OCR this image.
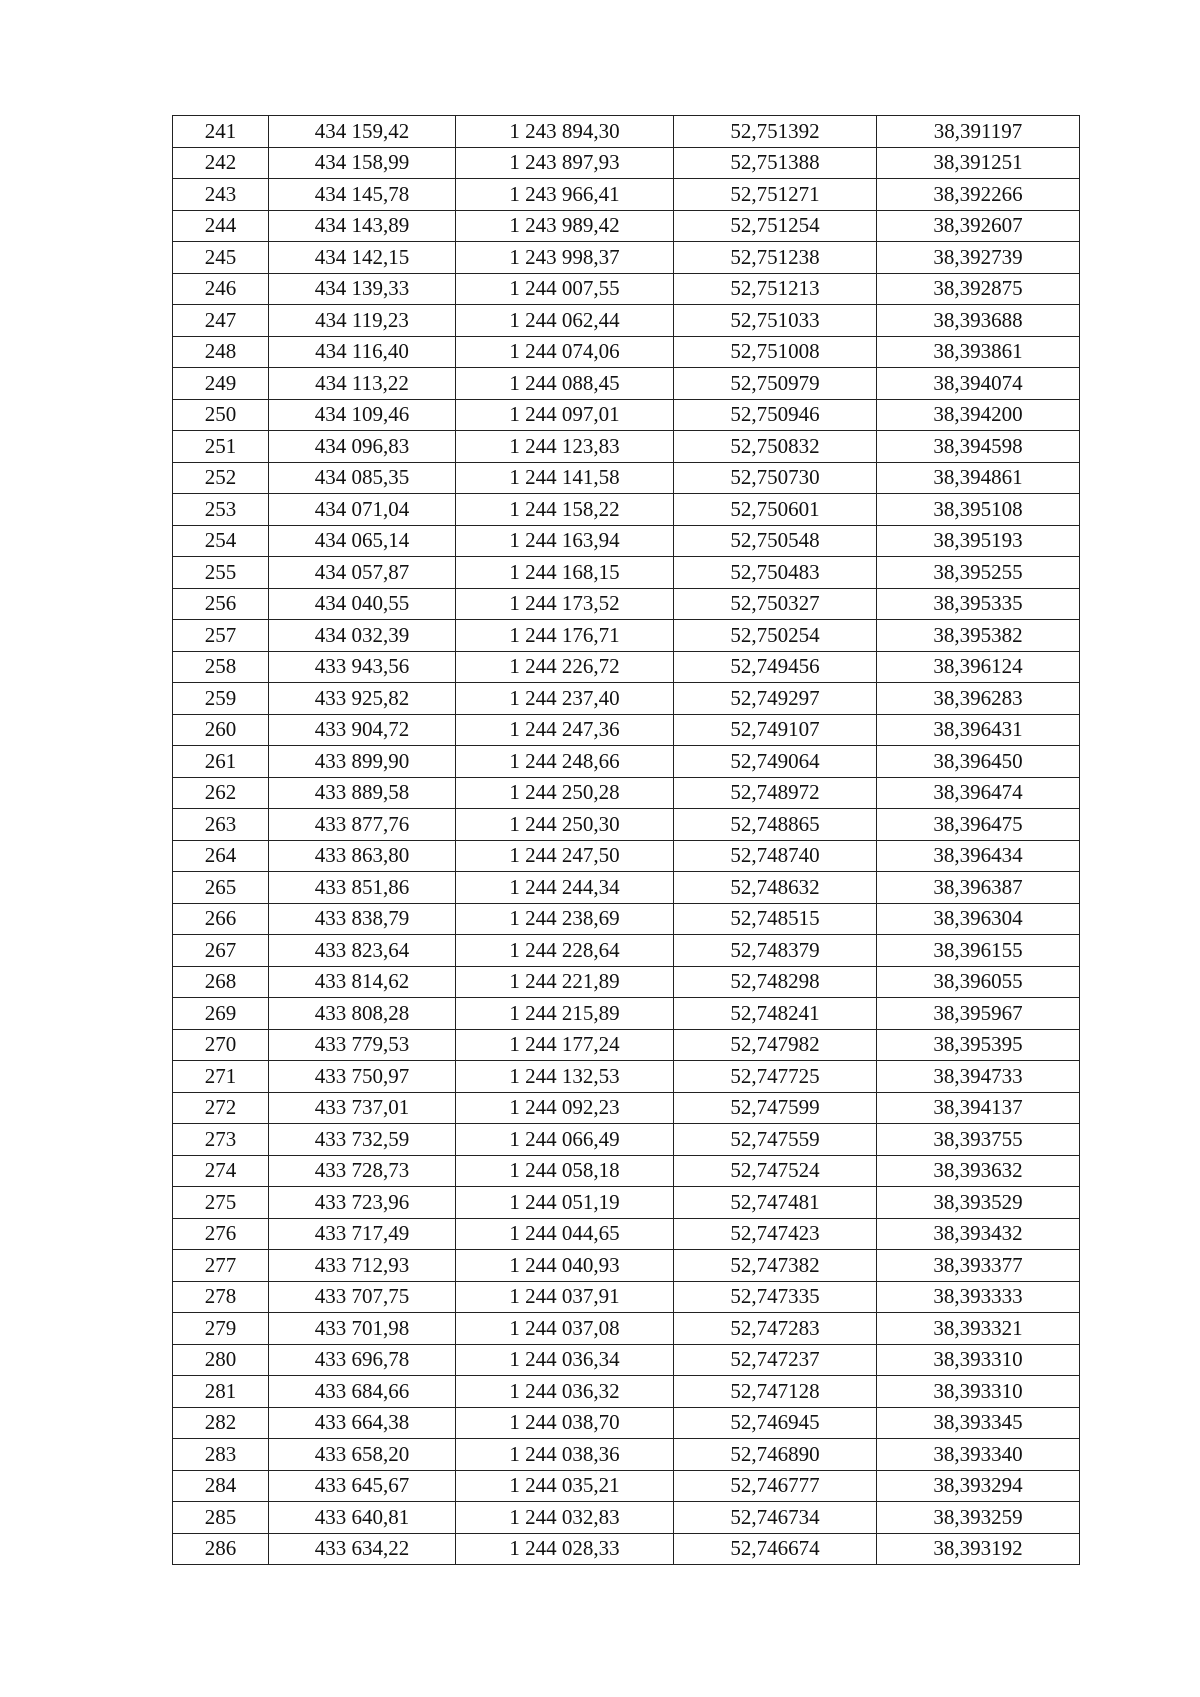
241	434 159,42	1 243 894,30	52,751392	38,391197
242	434 158,99	1 243 897,93	52,751388	38,391251
243	434 145,78	1 243 966,41	52,751271	38,392266
244	434 143,89	1 243 989,42	52,751254	38,392607
245	434 142,15	1 243 998,37	52,751238	38,392739
246	434 139,33	1 244 007,55	52,751213	38,392875
247	434 119,23	1 244 062,44	52,751033	38,393688
248	434 116,40	1 244 074,06	52,751008	38,393861
249	434 113,22	1 244 088,45	52,750979	38,394074
250	434 109,46	1 244 097,01	52,750946	38,394200
251	434 096,83	1 244 123,83	52,750832	38,394598
252	434 085,35	1 244 141,58	52,750730	38,394861
253	434 071,04	1 244 158,22	52,750601	38,395108
254	434 065,14	1 244 163,94	52,750548	38,395193
255	434 057,87	1 244 168,15	52,750483	38,395255
256	434 040,55	1 244 173,52	52,750327	38,395335
257	434 032,39	1 244 176,71	52,750254	38,395382
258	433 943,56	1 244 226,72	52,749456	38,396124
259	433 925,82	1 244 237,40	52,749297	38,396283
260	433 904,72	1 244 247,36	52,749107	38,396431
261	433 899,90	1 244 248,66	52,749064	38,396450
262	433 889,58	1 244 250,28	52,748972	38,396474
263	433 877,76	1 244 250,30	52,748865	38,396475
264	433 863,80	1 244 247,50	52,748740	38,396434
265	433 851,86	1 244 244,34	52,748632	38,396387
266	433 838,79	1 244 238,69	52,748515	38,396304
267	433 823,64	1 244 228,64	52,748379	38,396155
268	433 814,62	1 244 221,89	52,748298	38,396055
269	433 808,28	1 244 215,89	52,748241	38,395967
270	433 779,53	1 244 177,24	52,747982	38,395395
271	433 750,97	1 244 132,53	52,747725	38,394733
272	433 737,01	1 244 092,23	52,747599	38,394137
273	433 732,59	1 244 066,49	52,747559	38,393755
274	433 728,73	1 244 058,18	52,747524	38,393632
275	433 723,96	1 244 051,19	52,747481	38,393529
276	433 717,49	1 244 044,65	52,747423	38,393432
277	433 712,93	1 244 040,93	52,747382	38,393377
278	433 707,75	1 244 037,91	52,747335	38,393333
279	433 701,98	1 244 037,08	52,747283	38,393321
280	433 696,78	1 244 036,34	52,747237	38,393310
281	433 684,66	1 244 036,32	52,747128	38,393310
282	433 664,38	1 244 038,70	52,746945	38,393345
283	433 658,20	1 244 038,36	52,746890	38,393340
284	433 645,67	1 244 035,21	52,746777	38,393294
285	433 640,81	1 244 032,83	52,746734	38,393259
286	433 634,22	1 244 028,33	52,746674	38,393192
